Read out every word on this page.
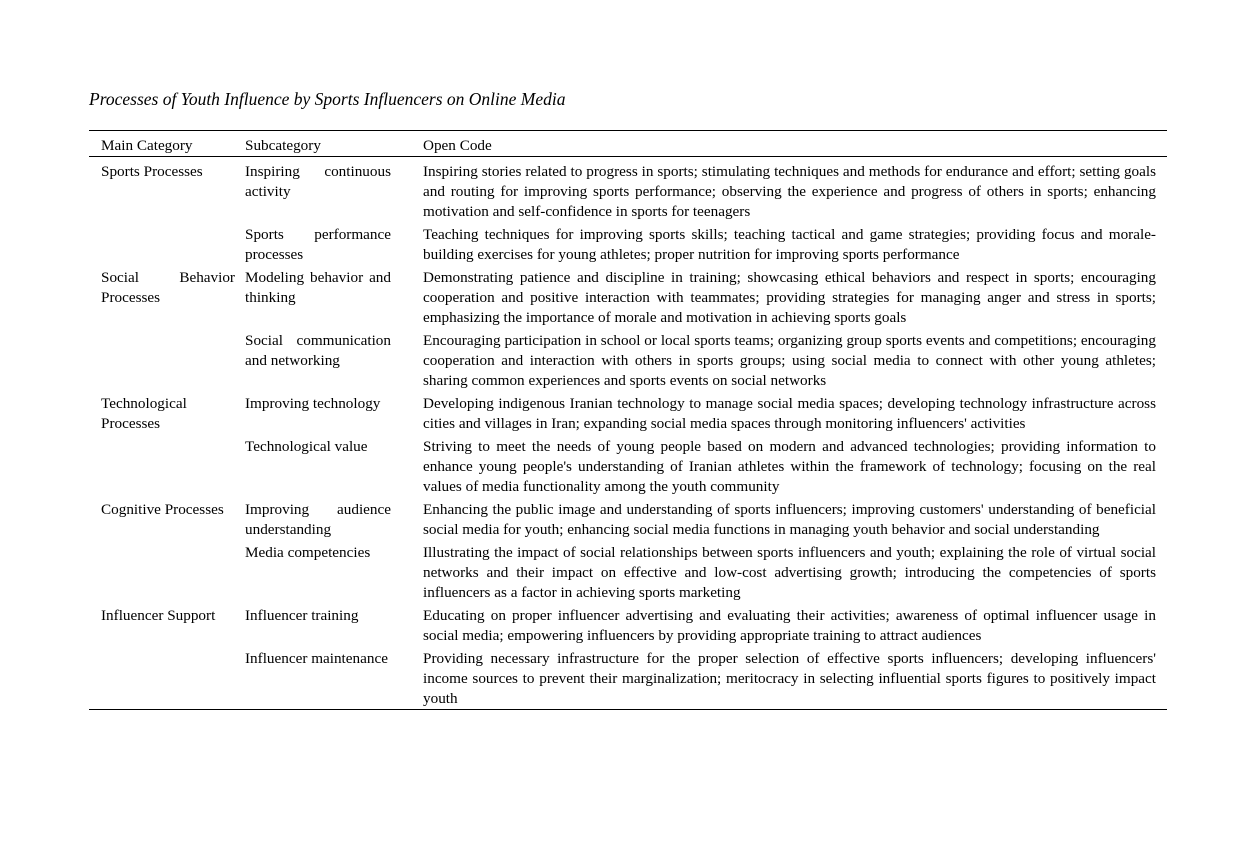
Processes of Youth Influence by Sports Influencers on Online Media
Main Category	Subcategory	Open Code

Sports Processes	Inspiring continuous activity	Inspiring stories related to progress in sports; stimulating techniques and methods for endurance and effort; setting goals and routing for improving sports performance; observing the experience and progress of others in sports; enhancing motivation and self-confidence in sports for teenagers

	Sports performance processes	Teaching techniques for improving sports skills; teaching tactical and game strategies; providing focus and morale-building exercises for young athletes; proper nutrition for improving sports performance

Social Behavior Processes	Modeling behavior and thinking	Demonstrating patience and discipline in training; showcasing ethical behaviors and respect in sports; encouraging cooperation and positive interaction with teammates; providing strategies for managing anger and stress in sports; emphasizing the importance of morale and motivation in achieving sports goals

	Social communication and networking	Encouraging participation in school or local sports teams; organizing group sports events and competitions; encouraging cooperation and interaction with others in sports groups; using social media to connect with other young athletes; sharing common experiences and sports events on social networks

Technological Processes	Improving technology	Developing indigenous Iranian technology to manage social media spaces; developing technology infrastructure across cities and villages in Iran; expanding social media spaces through monitoring influencers' activities

	Technological value	Striving to meet the needs of young people based on modern and advanced technologies; providing information to enhance young people's understanding of Iranian athletes within the framework of technology; focusing on the real values of media functionality among the youth community

Cognitive Processes	Improving audience understanding	Enhancing the public image and understanding of sports influencers; improving customers' understanding of beneficial social media for youth; enhancing social media functions in managing youth behavior and social understanding

	Media competencies	Illustrating the impact of social relationships between sports influencers and youth; explaining the role of virtual social networks and their impact on effective and low-cost advertising growth; introducing the competencies of sports influencers as a factor in achieving sports marketing

Influencer Support	Influencer training	Educating on proper influencer advertising and evaluating their activities; awareness of optimal influencer usage in social media; empowering influencers by providing appropriate training to attract audiences

	Influencer maintenance	Providing necessary infrastructure for the proper selection of effective sports influencers; developing influencers' income sources to prevent their marginalization; meritocracy in selecting influential sports figures to positively impact youth
